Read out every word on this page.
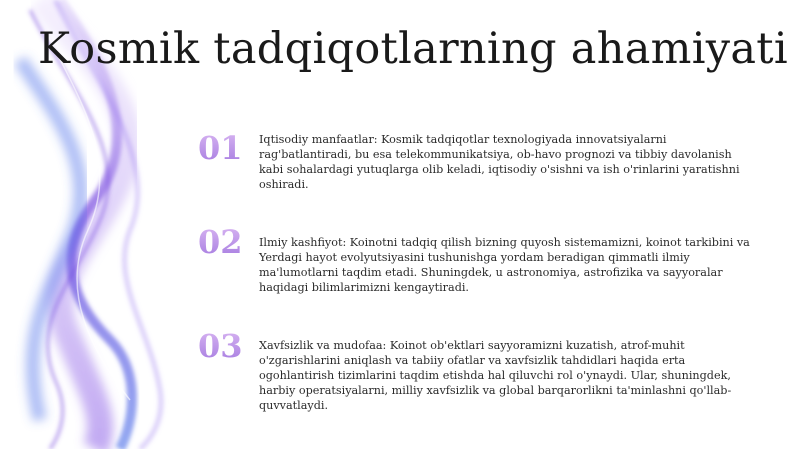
Kosmik tadqiqotlarning ahamiyati
01	Iqtisodiy manfaatlar: Kosmik tadqiqotlar texnologiyada innovatsiyalarni rag'batlantiradi, bu esa telekommunikatsiya, ob-havo prognozi va tibbiy davolanish kabi sohalardagi yutuqlarga olib keladi, iqtisodiy o'sishni va ish o'rinlarini yaratishni oshiradi.

02	Ilmiy kashfiyot: Koinotni tadqiq qilish bizning quyosh sistemamizni, koinot tarkibini va Yerdagi hayot evolyutsiyasini tushunishga yordam beradigan qimmatli ilmiy ma'lumotlarni taqdim etadi. Shuningdek, u astronomiya, astrofizika va sayyoralar haqidagi bilimlarimizni kengaytiradi.

03	Xavfsizlik va mudofaa: Koinot ob'ektlari sayyoramizni kuzatish, atrof-muhit o'zgarishlarini aniqlash va tabiiy ofatlar va xavfsizlik tahdidlari haqida erta ogohlantirish tizimlarini taqdim etishda hal qiluvchi rol o'ynaydi. Ular, shuningdek, harbiy operatsiyalarni, milliy xavfsizlik va global barqarorlikni ta'minlashni qo'llab-quvvatlaydi.
